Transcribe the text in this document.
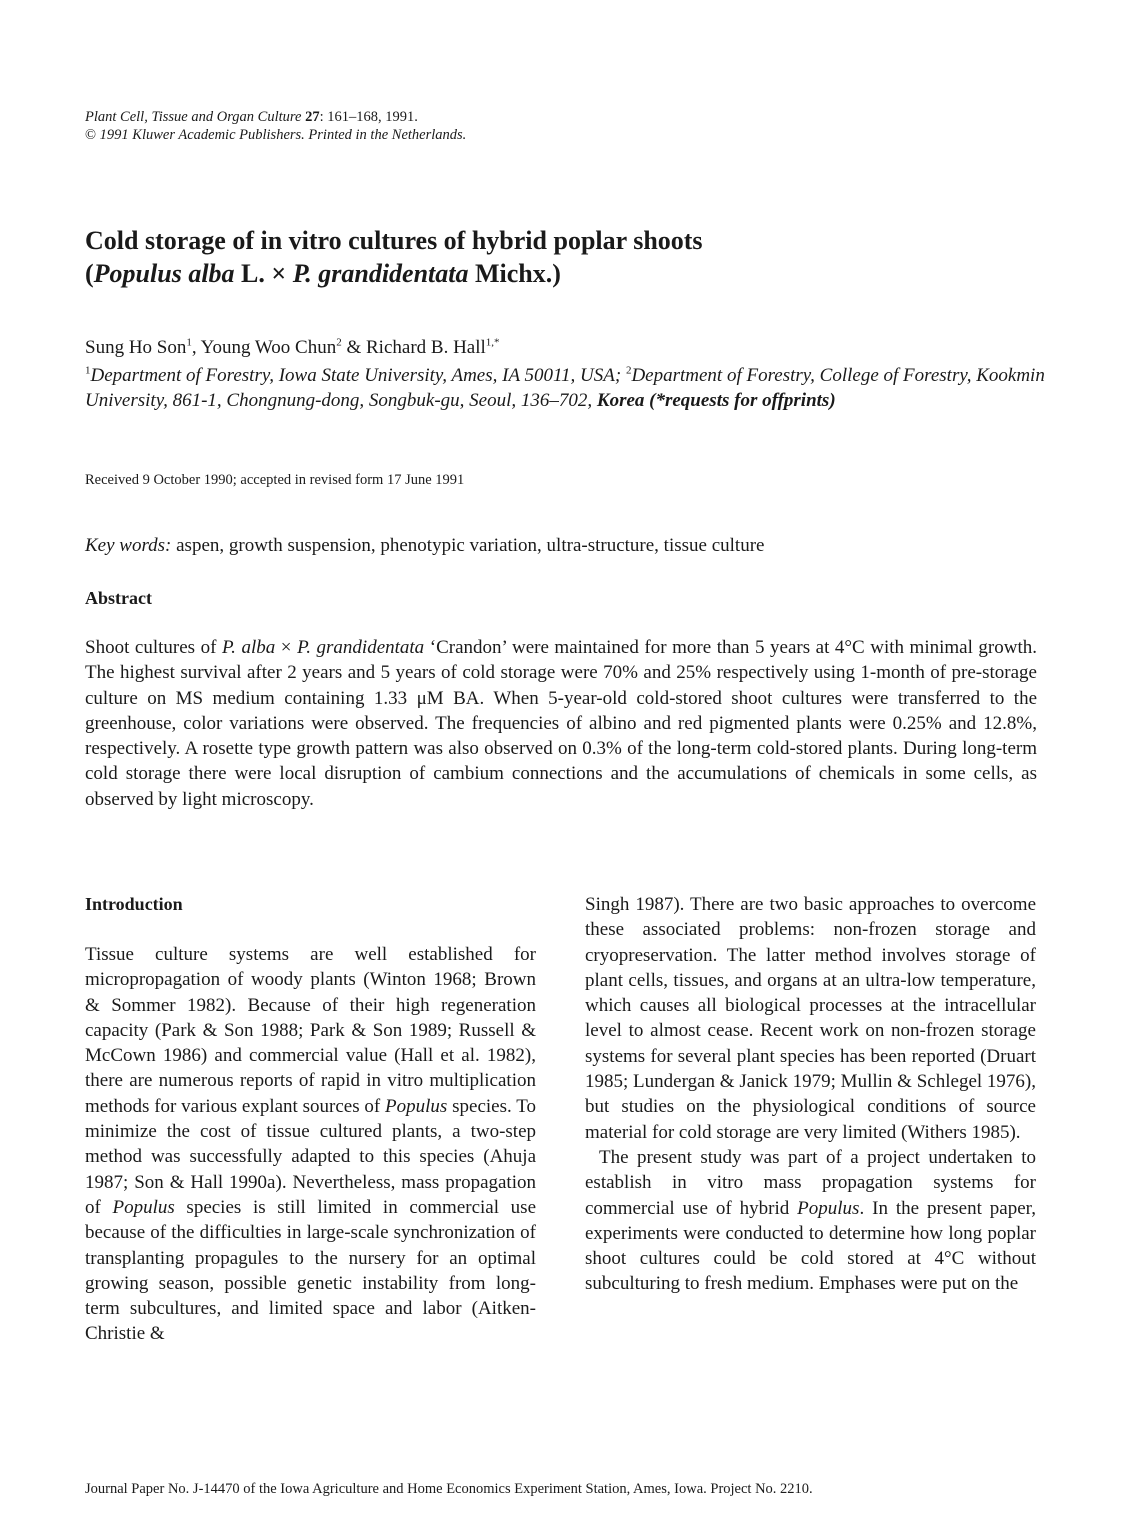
Plant Cell, Tissue and Organ Culture 27: 161–168, 1991.
© 1991 Kluwer Academic Publishers. Printed in the Netherlands.
Cold storage of in vitro cultures of hybrid poplar shoots
(Populus alba L. × P. grandidentata Michx.)
Sung Ho Son$^1$, Young Woo Chun$^2$ & Richard B. Hall$^{1,*}$
$^1$Department of Forestry, Iowa State University, Ames, IA 50011, USA; $^2$Department of Forestry, College of Forestry, Kookmin University, 861-1, Chongnung-dong, Songbuk-gu, Seoul, 136–702, Korea (*requests for offprints)
Received 9 October 1990; accepted in revised form 17 June 1991
Key words: aspen, growth suspension, phenotypic variation, ultra-structure, tissue culture
Abstract
Shoot cultures of P. alba × P. grandidentata ‘Crandon’ were maintained for more than 5 years at 4°C with minimal growth. The highest survival after 2 years and 5 years of cold storage were 70% and 25% respectively using 1-month of pre-storage culture on MS medium containing 1.33 μM BA. When 5-year-old cold-stored shoot cultures were transferred to the greenhouse, color variations were observed. The frequencies of albino and red pigmented plants were 0.25% and 12.8%, respectively. A rosette type growth pattern was also observed on 0.3% of the long-term cold-stored plants. During long-term cold storage there were local disruption of cambium connections and the accumulations of chemicals in some cells, as observed by light microscopy.
Introduction
Tissue culture systems are well established for micropropagation of woody plants (Winton 1968; Brown & Sommer 1982). Because of their high regeneration capacity (Park & Son 1988; Park & Son 1989; Russell & McCown 1986) and commercial value (Hall et al. 1982), there are numerous reports of rapid in vitro multiplication methods for various explant sources of Populus species. To minimize the cost of tissue cultured plants, a two-step method was successfully adapted to this species (Ahuja 1987; Son & Hall 1990a). Nevertheless, mass propagation of Populus species is still limited in commercial use because of the difficulties in large-scale synchronization of transplanting propagules to the nursery for an optimal growing season, possible genetic instability from long-term subcultures, and limited space and labor (Aitken-Christie &

Singh 1987). There are two basic approaches to overcome these associated problems: non-frozen storage and cryopreservation. The latter method involves storage of plant cells, tissues, and organs at an ultra-low temperature, which causes all biological processes at the intracellular level to almost cease. Recent work on non-frozen storage systems for several plant species has been reported (Druart 1985; Lundergan & Janick 1979; Mullin & Schlegel 1976), but studies on the physiological conditions of source material for cold storage are very limited (Withers 1985).

The present study was part of a project undertaken to establish in vitro mass propagation systems for commercial use of hybrid Populus. In the present paper, experiments were conducted to determine how long poplar shoot cultures could be cold stored at 4°C without subculturing to fresh medium. Emphases were put on the

Journal Paper No. J-14470 of the Iowa Agriculture and Home Economics Experiment Station, Ames, Iowa. Project No. 2210.
